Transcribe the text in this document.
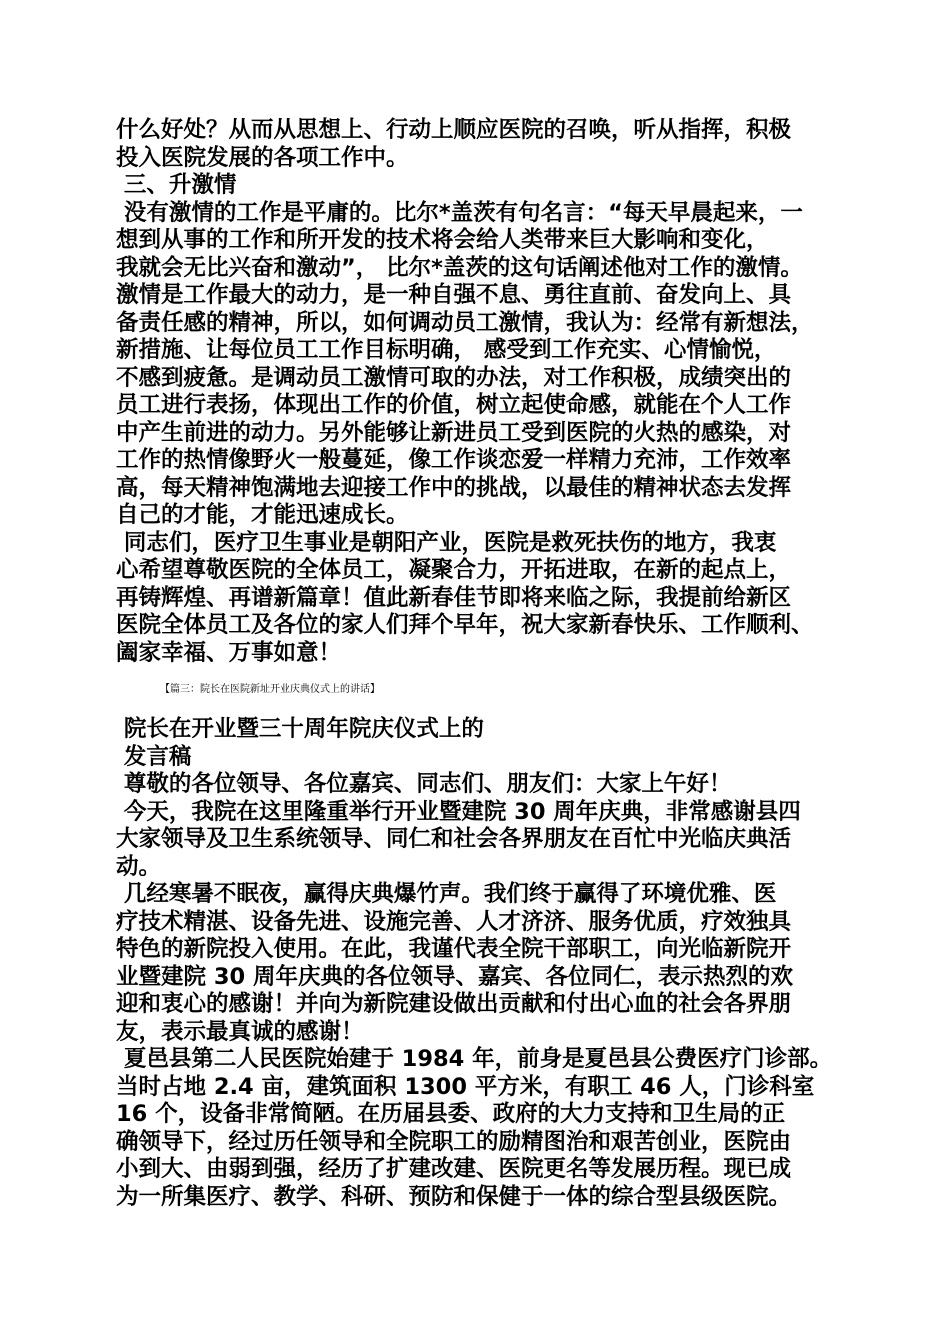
什么好处？从而从思想上、行动上顺应医院的召唤，听从指挥，积极
投入医院发展的各项工作中。
三、升激情
没有激情的工作是平庸的。比尔*盖茨有句名言：“每天早晨起来，一
想到从事的工作和所开发的技术将会给人类带来巨大影响和变化，
我就会无比兴奋和激动”， 比尔*盖茨的这句话阐述他对工作的激情。
激情是工作最大的动力，是一种自强不息、勇往直前、奋发向上、具
备责任感的精神，所以，如何调动员工激情，我认为：经常有新想法，
新措施、让每位员工工作目标明确， 感受到工作充实、心情愉悦，
不感到疲惫。是调动员工激情可取的办法，对工作积极，成绩突出的
员工进行表扬，体现出工作的价值，树立起使命感，就能在个人工作
中产生前进的动力。另外能够让新进员工受到医院的火热的感染，对
工作的热情像野火一般蔓延，像工作谈恋爱一样精力充沛，工作效率
高，每天精神饱满地去迎接工作中的挑战，以最佳的精神状态去发挥
自己的才能，才能迅速成长。
同志们，医疗卫生事业是朝阳产业，医院是救死扶伤的地方，我衷
心希望尊敬医院的全体员工，凝聚合力，开拓进取，在新的起点上，
再铸辉煌、再谱新篇章！值此新春佳节即将来临之际，我提前给新区
医院全体员工及各位的家人们拜个早年，祝大家新春快乐、工作顺利、
阖家幸福、万事如意！
【篇三：院长在医院新址开业庆典仪式上的讲话】
院长在开业暨三十周年院庆仪式上的
发言稿
尊敬的各位领导、各位嘉宾、同志们、朋友们：大家上午好！
今天，我院在这里隆重举行开业暨建院 30 周年庆典，非常感谢县四
大家领导及卫生系统领导、同仁和社会各界朋友在百忙中光临庆典活
动。
几经寒暑不眠夜，赢得庆典爆竹声。我们终于赢得了环境优雅、医
疗技术精湛、设备先进、设施完善、人才济济、服务优质，疗效独具
特色的新院投入使用。在此，我谨代表全院干部职工，向光临新院开
业暨建院 30 周年庆典的各位领导、嘉宾、各位同仁，表示热烈的欢
迎和衷心的感谢！并向为新院建设做出贡献和付出心血的社会各界朋
友，表示最真诚的感谢！
夏邑县第二人民医院始建于 1984 年，前身是夏邑县公费医疗门诊部。
当时占地 2.4 亩，建筑面积 1300 平方米，有职工 46 人，门诊科室
16 个，设备非常简陋。在历届县委、政府的大力支持和卫生局的正
确领导下，经过历任领导和全院职工的励精图治和艰苦创业，医院由
小到大、由弱到强，经历了扩建改建、医院更名等发展历程。现已成
为一所集医疗、教学、科研、预防和保健于一体的综合型县级医院。
